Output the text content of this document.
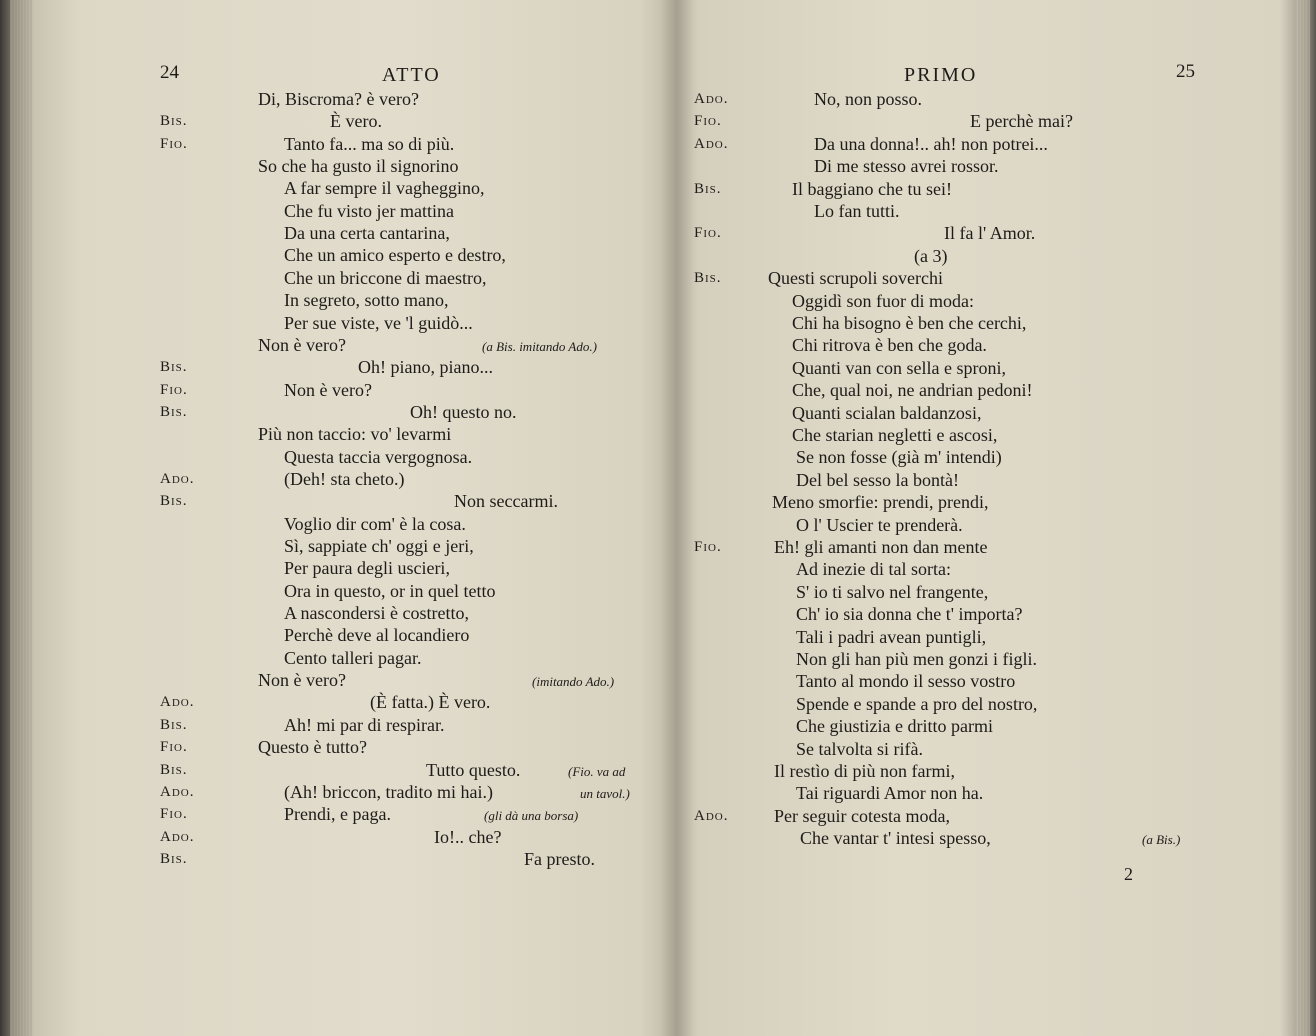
24	ATTO	PRIMO	25
Di, Biscroma? è vero?
Bis.	È vero.
Fio.	Tanto fa... ma so di più.
So che ha gusto il signorino
A far sempre il vagheggino,
Che fu visto jer mattina
Da una certa cantarina,
Che un amico esperto e destro,
Che un briccone di maestro,
In segreto, sotto mano,
Per sue viste, ve 'l guidò...
Non è vero?	(a Bis. imitando Ado.)
Bis.	Oh! piano, piano...
Fio.	Non è vero?
Bis.	Oh! questo no.
Più non taccio: vo' levarmi
Questa taccia vergognosa.
Ado.	(Deh! sta cheto.)
Bis.	Non seccarmi.
Voglio dir com' è la cosa.
Sì, sappiate ch' oggi e jeri,
Per paura degli uscieri,
Ora in questo, or in quel tetto
A nascondersi è costretto,
Perchè deve al locandiero
Cento talleri pagar.
Non è vero?	(imitando Ado.)
Ado.	(È fatta.) È vero.
Bis.	Ah! mi par di respirar.
Fio.	Questo è tutto?
Bis.	Tutto questo.	(Fio. va ad
Ado.	(Ah! briccon, tradito mi hai.)	un tavol.)
Fio.	Prendi, e paga.	(gli dà una borsa)
Ado.	Io!.. che?
Bis.	Fa presto.
Ado.	No, non posso.
Fio.	E perchè mai?
Ado.	Da una donna!.. ah! non potrei...
Di me stesso avrei rossor.
Bis.	Il baggiano che tu sei!
Lo fan tutti.
Fio.	Il fa l' Amor.
(a 3)
Bis.	Questi scrupoli soverchi
Oggidì son fuor di moda:
Chi ha bisogno è ben che cerchi,
Chi ritrova è ben che goda.
Quanti van con sella e sproni,
Che, qual noi, ne andrian pedoni!
Quanti scialan baldanzosi,
Che starian negletti e ascosi,
Se non fosse (già m' intendi)
Del bel sesso la bontà!
Meno smorfie: prendi, prendi,
O l' Uscier te prenderà.
Fio.	Eh! gli amanti non dan mente
Ad inezie di tal sorta:
S' io ti salvo nel frangente,
Ch' io sia donna che t' importa?
Tali i padri avean puntigli,
Non gli han più men gonzi i figli.
Tanto al mondo il sesso vostro
Spende e spande a pro del nostro,
Che giustizia e dritto parmi
Se talvolta si rifà.
Il restìo di più non farmi,
Tai riguardi Amor non ha.
Ado.	Per seguir cotesta moda,
Che vantar t' intesi spesso,	(a Bis.)
2
